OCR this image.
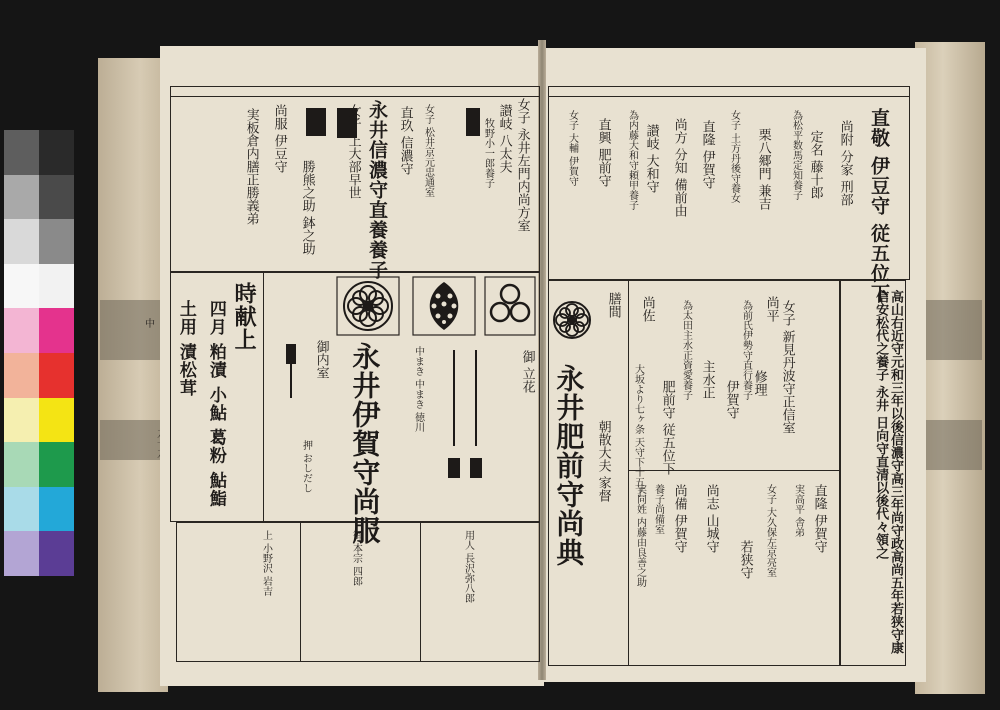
中
女子 永井左門内尚方室
讃岐 八太夫
牧野小一郎養子
女子 松井京元忠通室
直玖 信濃守
永井信濃守直養養子
女子 上大部早世
勝熊之助 鉢之助
尚服 伊豆守
実板倉内膳正勝義弟
時献上
御内室 永井伊賀守尚服
四月 粕漬 小鮎 葛粉 鮎鮨
土用 漬松茸	中まき 中まき 徳川	御 立花
押 おしだし
用人 長沢弥八郎
御 本宗 四郎
上 小野沢 岩吉
直敬 伊豆守 従五位下
尚附 分家 刑部
定名 藤十郎
為松平数馬定知養子
栗八郷門 兼吉
女子 土方丹後守養女
直隆 伊賀守
尚方 分知 備前由
讃岐 大和守
為内藤大和守頼甲養子
直興 肥前守
女子 大輔 伊賀守
永井肥前守尚典
膳間
大坂より七ヶ条 天守下十五丁
朝散大夫 家督
主水正	修理
伊賀守
肥前守 従五位下
為太田主水正資愛養子	為前氏伊勢守直行養子 女子 新見丹波守正信室
尚佐	尚平
直隆 伊賀守
実高平 舎弟
女子 大久保左京亮室
若狭守
尚志 山城守
尚備 伊賀守
養子尚備室
実同姓 内藤由良善之助	高山右近守元和三年以後信濃守高三年尚守政高尚五年若狭守康信安松代之養子 永井 日向守直清以後代々領之
